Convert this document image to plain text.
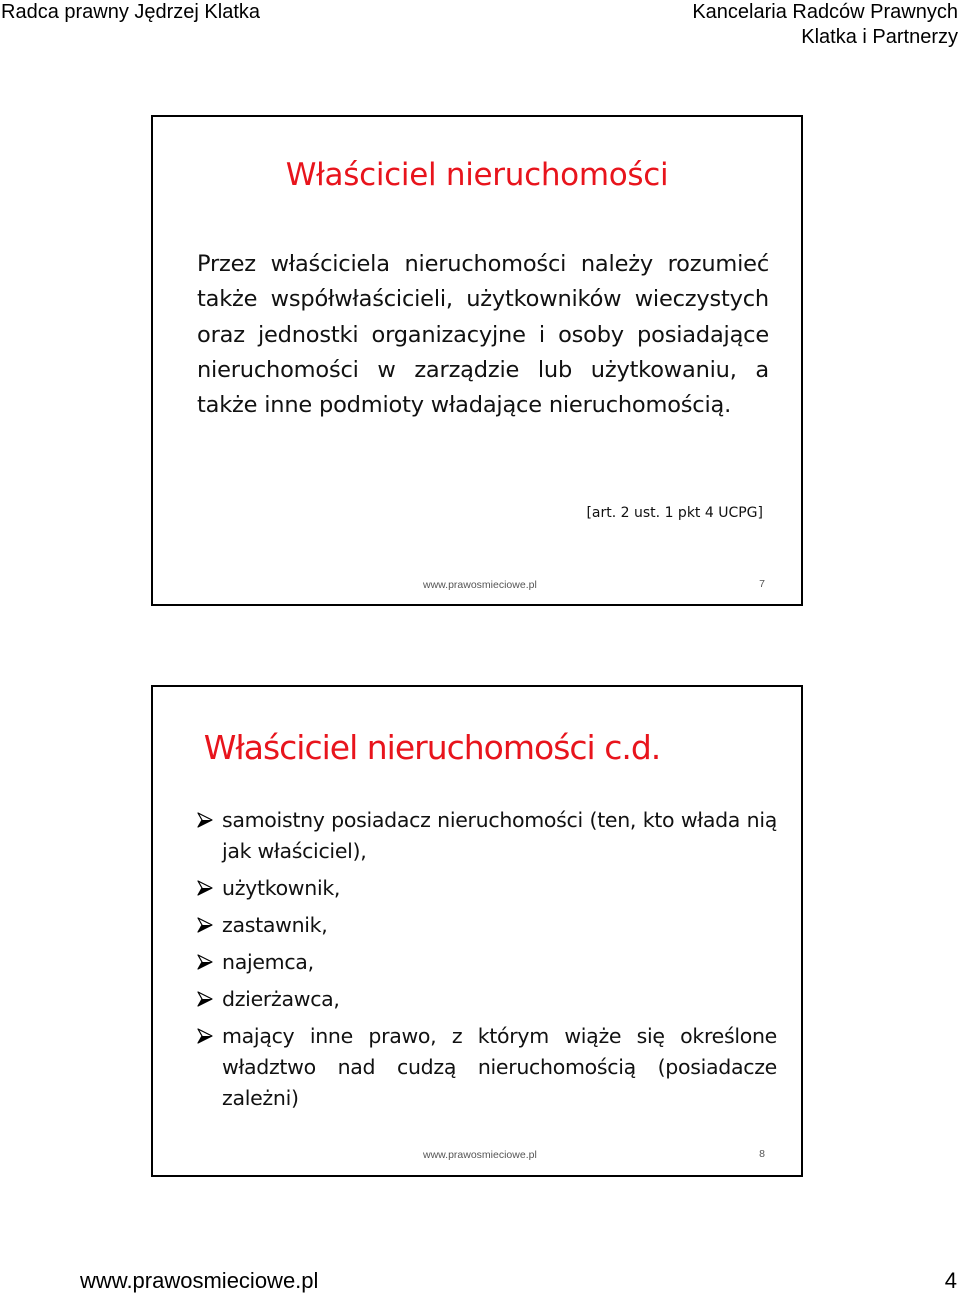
Radca prawny Jędrzej Klatka	Kancelaria Radców Prawnych
Klatka i Partnerzy
Właściciel nieruchomości
Przez właściciela nieruchomości należy rozumieć także współwłaścicieli, użytkowników wieczystych oraz jednostki organizacyjne i osoby posiadające nieruchomości w zarządzie lub użytkowaniu, a także inne podmioty władające nieruchomością.
[art. 2 ust. 1 pkt 4 UCPG]
www.prawosmieciowe.pl	7
Właściciel nieruchomości c.d.
samoistny posiadacz nieruchomości (ten, kto włada nią jak właściciel),
użytkownik,
zastawnik,
najemca,
dzierżawca,
mający inne prawo, z którym wiąże się określone władztwo nad cudzą nieruchomością (posiadacze zależni)
www.prawosmieciowe.pl	8
www.prawosmieciowe.pl	4
